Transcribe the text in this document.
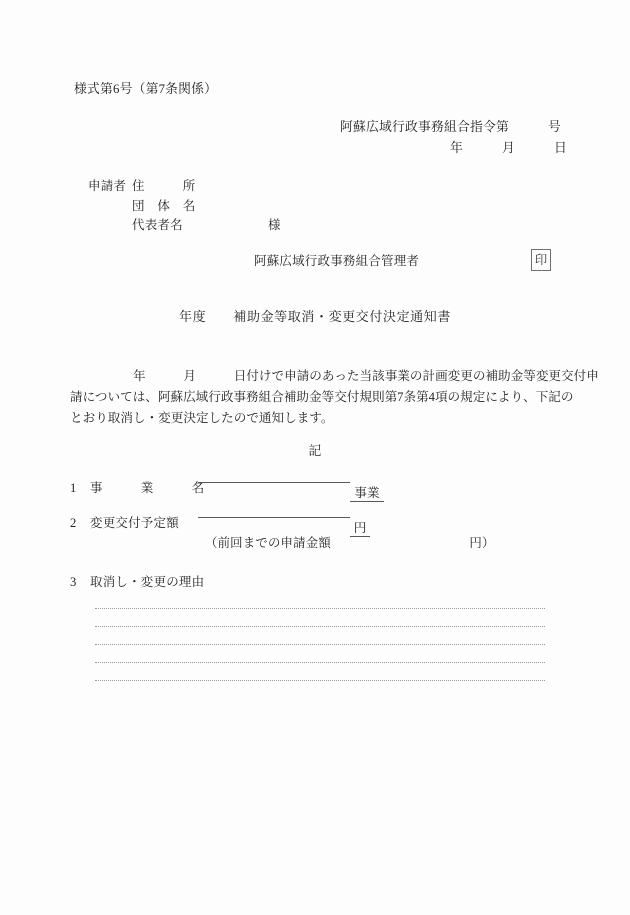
様式第6号（第7条関係）
阿蘇広域行政事務組合指令第　　　号
年　　　月　　　日
申請者 住　　　所
団　体　名
代表者名	様
阿蘇広域行政事務組合管理者	印
年度　　補助金等取消・変更交付決定通知書
　　　　　年　　　月　　　日付けで申請のあった当該事業の計画変更の補助金等変更交付申
請については、阿蘇広域行政事務組合補助金等交付規則第7条第4項の規定により、下記の
とおり取消し・変更決定したので通知します。
記
1 事　　　業　　　名	事業
2 変更交付予定額	円
（前回までの申請金額　　　　　　　　　　　円）
3 取消し・変更の理由
